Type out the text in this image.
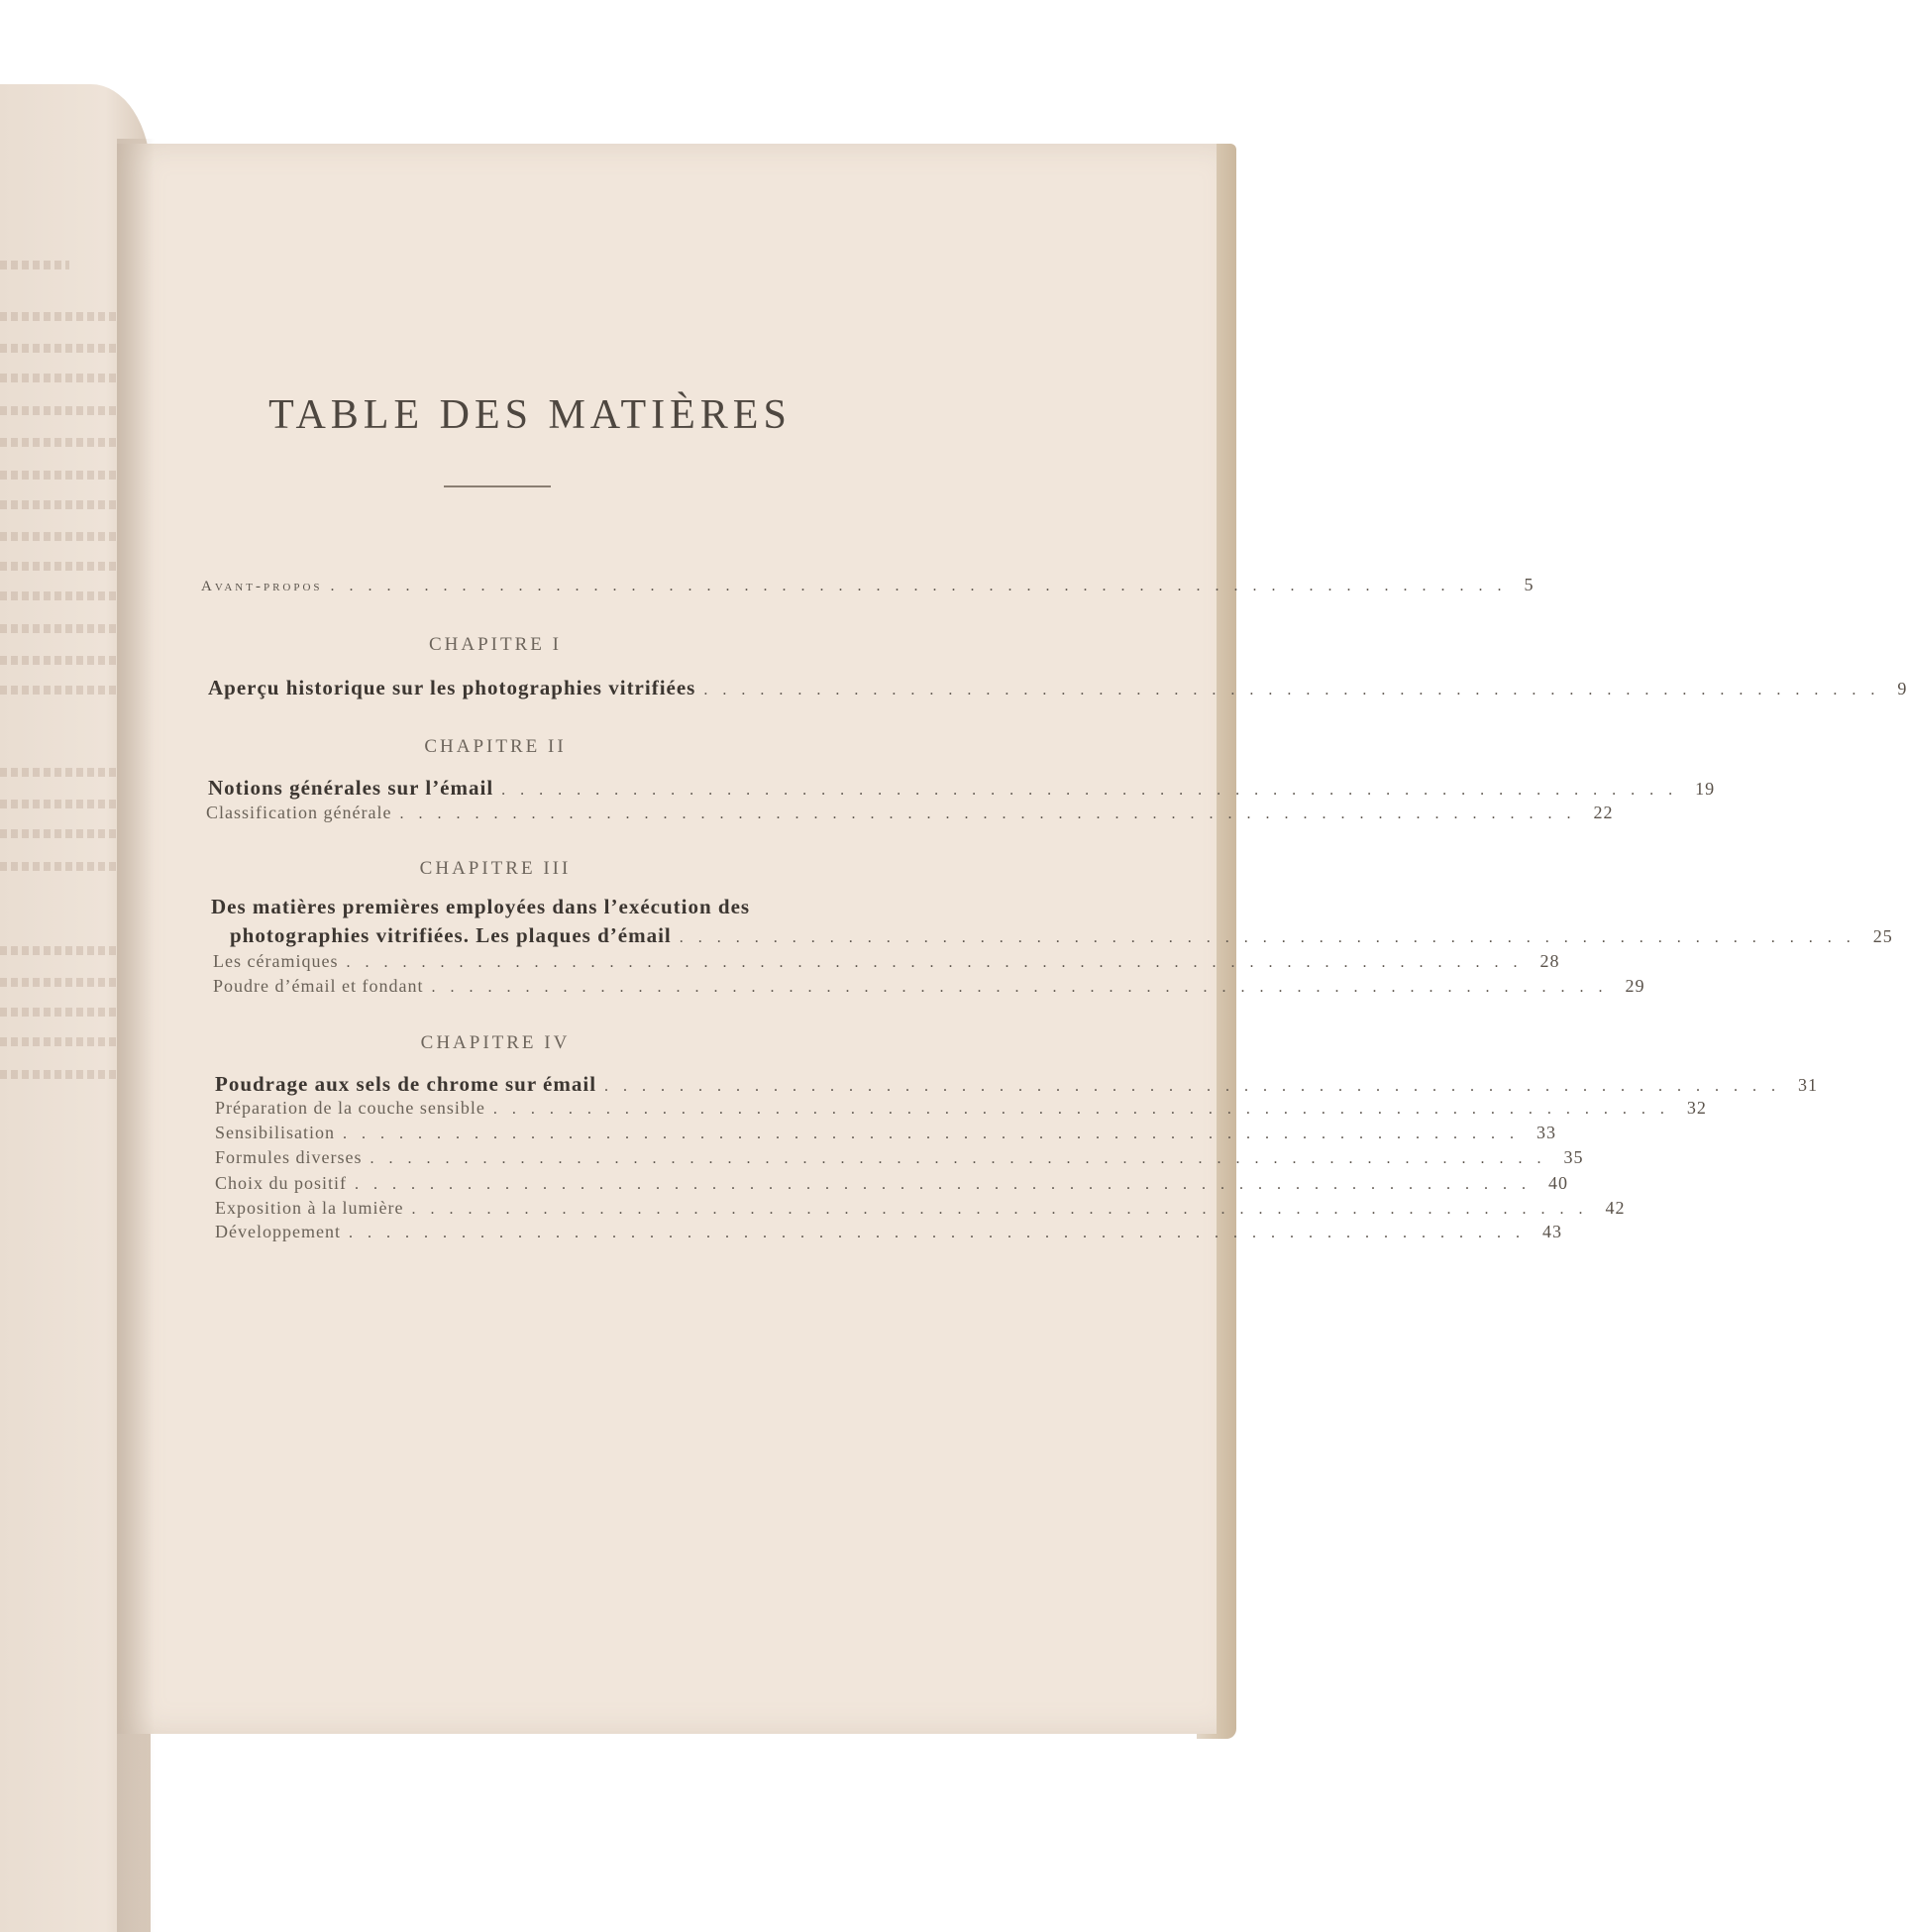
TABLE DES MATIÈRES
Avant-propos ............................................................... 5
CHAPITRE I
Aperçu historique sur les photographies vitrifiées ............................................................... 9
CHAPITRE II
Notions générales sur l’émail ............................................................... 19
Classification générale ............................................................... 22
CHAPITRE III
Des matières premières employées dans l’exécution des
photographies vitrifiées. Les plaques d’émail ............................................................... 25
Les céramiques ............................................................... 28
Poudre d’émail et fondant ............................................................... 29
CHAPITRE IV
Poudrage aux sels de chrome sur émail ............................................................... 31
Préparation de la couche sensible ............................................................... 32
Sensibilisation ............................................................... 33
Formules diverses ............................................................... 35
Choix du positif ............................................................... 40
Exposition à la lumière ............................................................... 42
Développement ............................................................... 43
